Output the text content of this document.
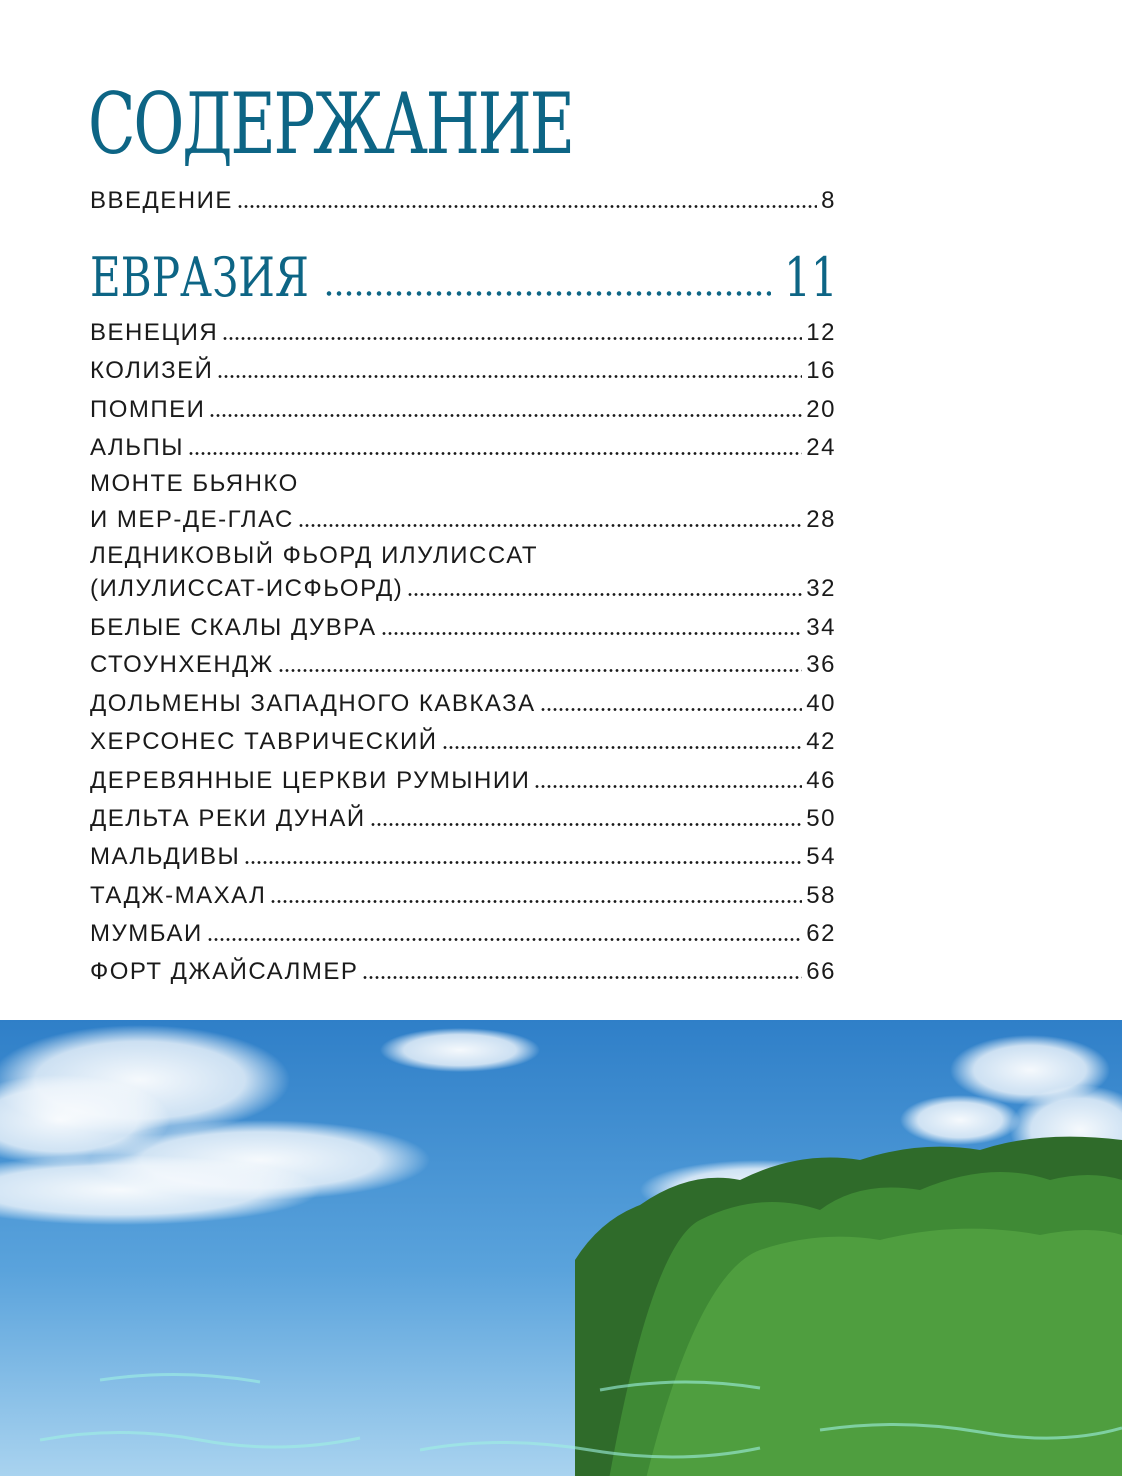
СОДЕРЖАНИЕ
ВВЕДЕНИЕ	8
ЕВРАЗИЯ	11
ВЕНЕЦИЯ	12
КОЛИЗЕЙ	16
ПОМПЕИ	20
АЛЬПЫ	24
МОНТЕ БЬЯНКО
И МЕР-ДЕ-ГЛАС	28
ЛЕДНИКОВЫЙ ФЬОРД ИЛУЛИССАТ
(ИЛУЛИССАТ-ИСФЬОРД)	32
БЕЛЫЕ СКАЛЫ ДУВРА	34
СТОУНХЕНДЖ	36
ДОЛЬМЕНЫ ЗАПАДНОГО КАВКАЗА	40
ХЕРСОНЕС ТАВРИЧЕСКИЙ	42
ДЕРЕВЯННЫЕ ЦЕРКВИ РУМЫНИИ	46
ДЕЛЬТА РЕКИ ДУНАЙ	50
МАЛЬДИВЫ	54
ТАДЖ-МАХАЛ	58
МУМБАИ	62
ФОРТ ДЖАЙСАЛМЕР	66
